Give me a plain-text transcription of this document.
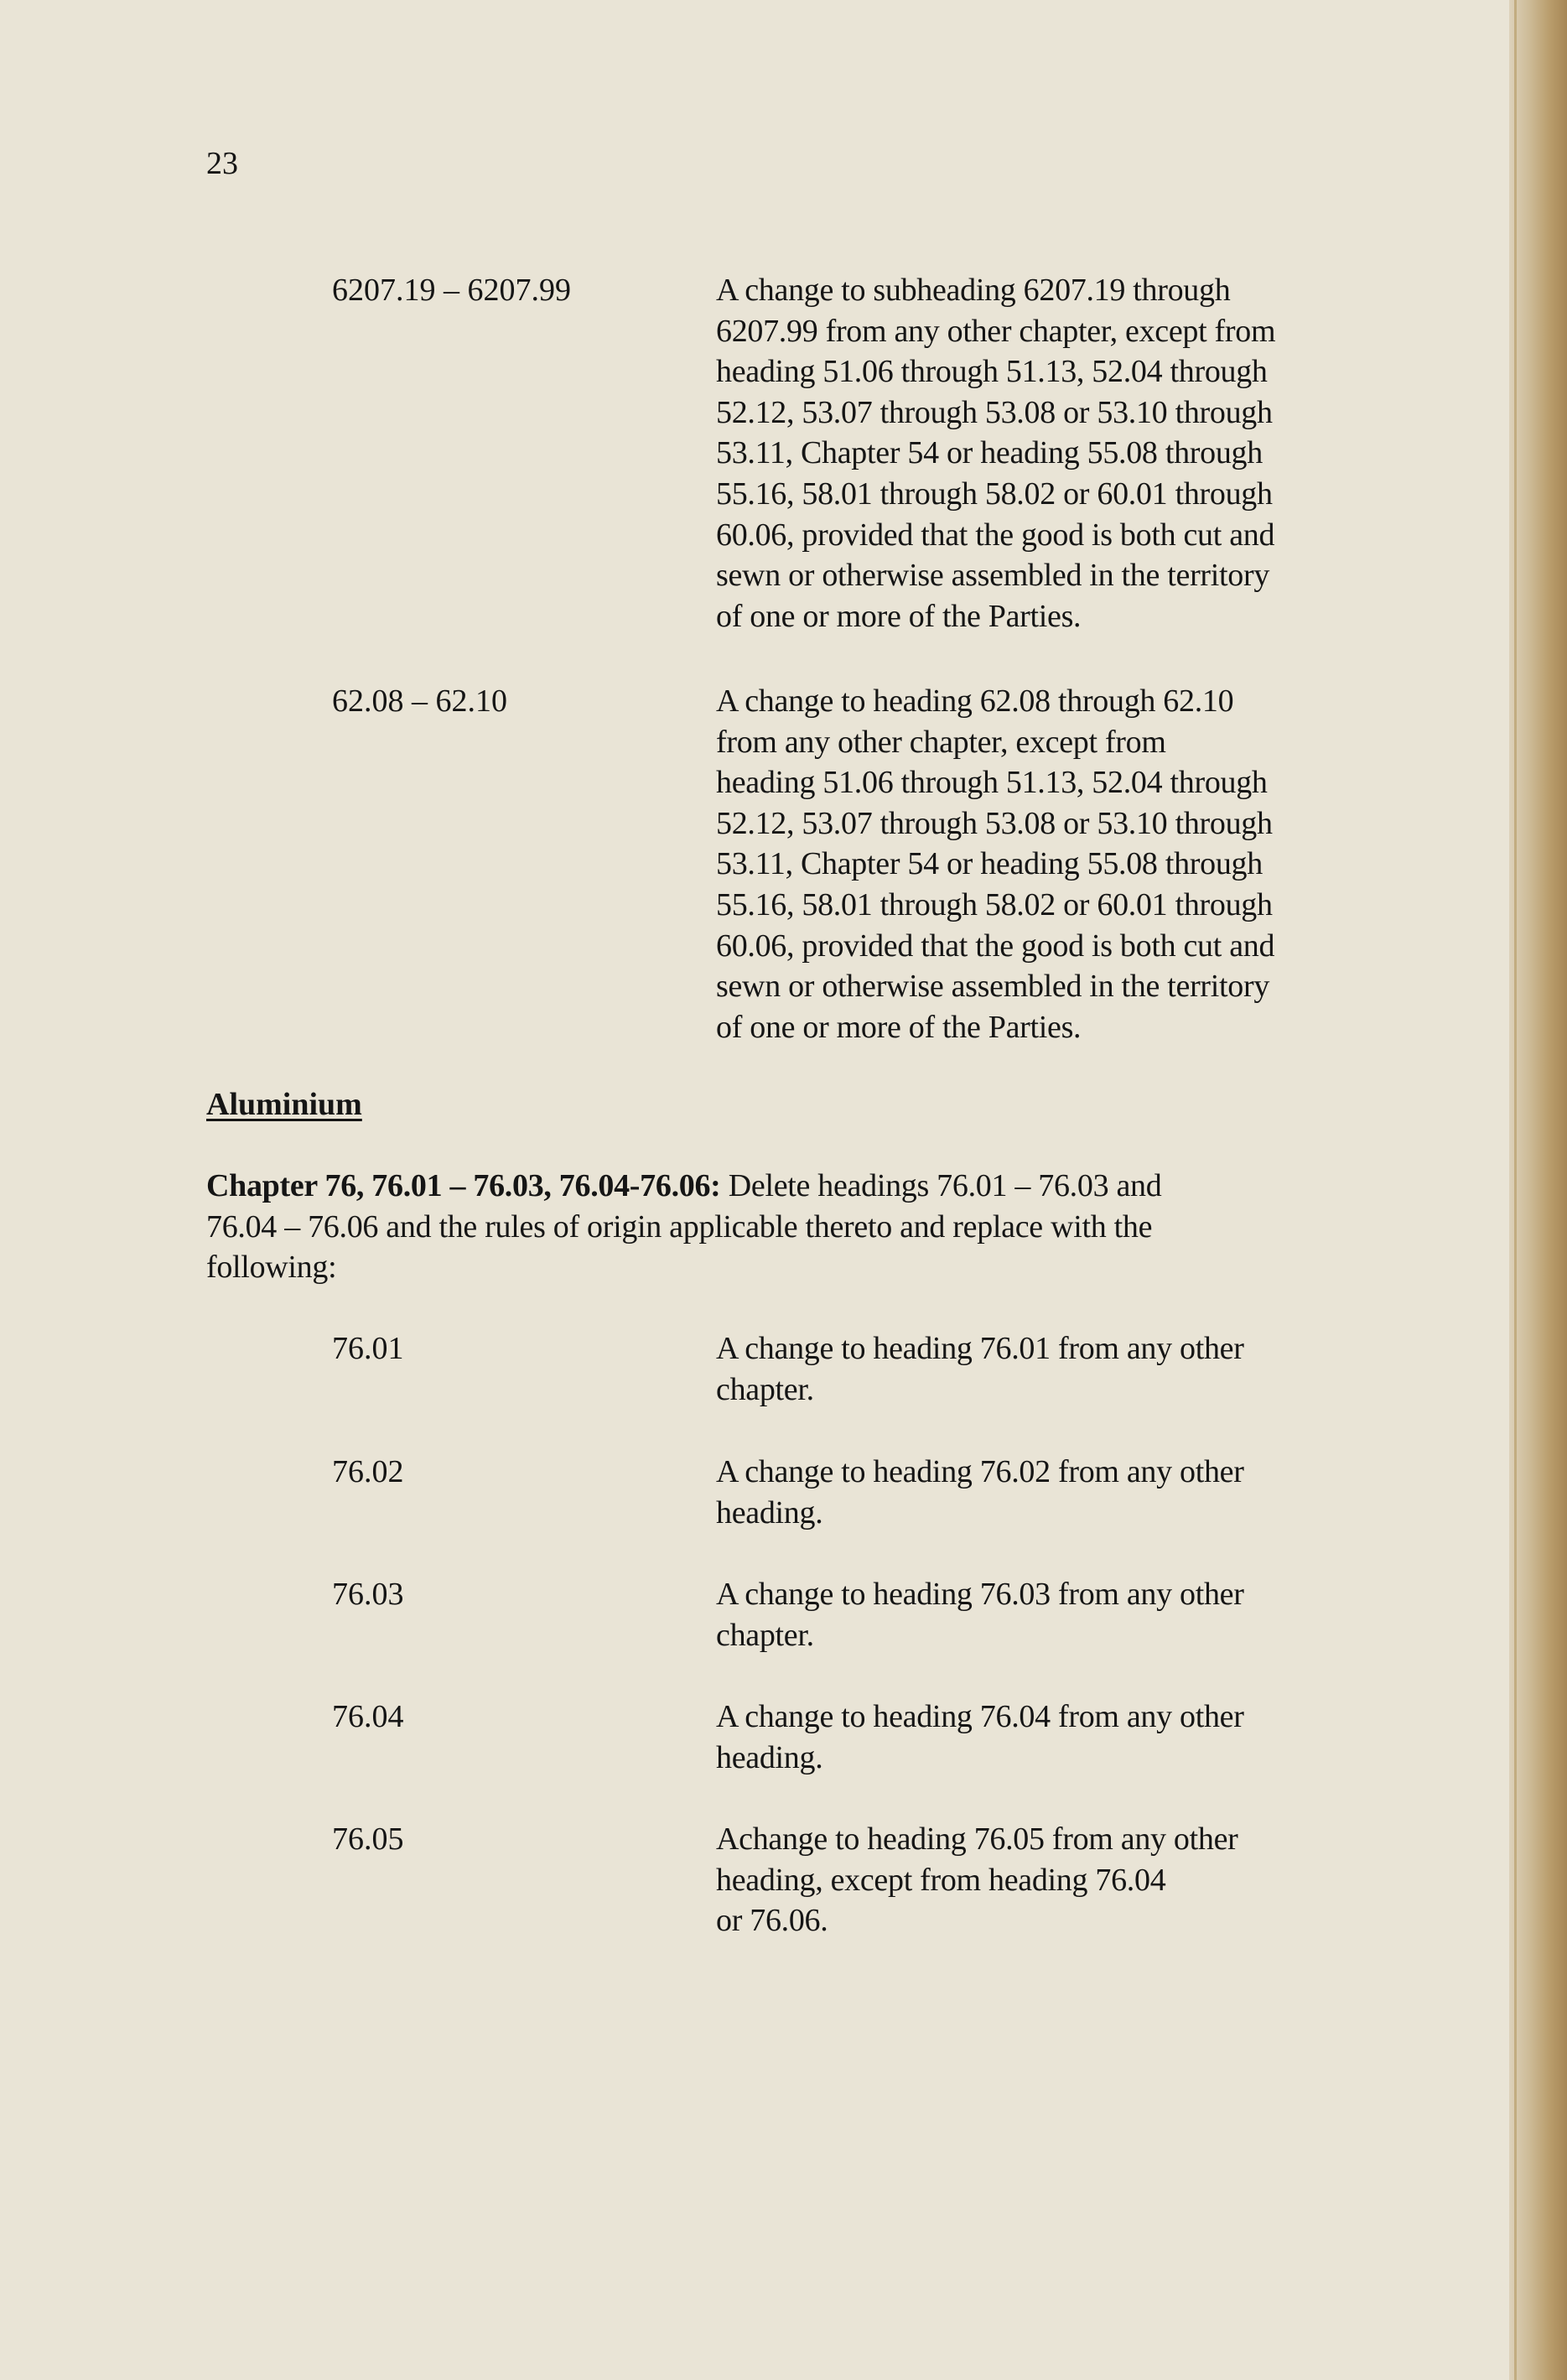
23
6207.19 – 6207.99	A change to subheading 6207.19 through
6207.99 from any other chapter, except from
heading 51.06 through 51.13, 52.04 through
52.12, 53.07 through 53.08 or 53.10 through
53.11, Chapter 54 or heading 55.08 through
55.16, 58.01 through 58.02 or 60.01 through
60.06, provided that the good is both cut and
sewn or otherwise assembled in the territory
of one or more of the Parties.
62.08 – 62.10	A change to heading 62.08 through 62.10
from any other chapter, except from
heading 51.06 through 51.13, 52.04 through
52.12, 53.07 through 53.08 or 53.10 through
53.11, Chapter 54 or heading 55.08 through
55.16, 58.01 through 58.02 or 60.01 through
60.06, provided that the good is both cut and
sewn or otherwise assembled in the territory
of one or more of the Parties.
Aluminium
Chapter 76, 76.01 – 76.03, 76.04-76.06: Delete headings 76.01 – 76.03 and
76.04 – 76.06 and the rules of origin applicable thereto and replace with the
following:
76.01	A change to heading 76.01 from any other
chapter.
76.02	A change to heading 76.02 from any other
heading.
76.03	A change to heading 76.03 from any other
chapter.
76.04	A change to heading 76.04 from any other
heading.
76.05	Achange to heading 76.05 from any other
heading, except from heading 76.04
or 76.06.
